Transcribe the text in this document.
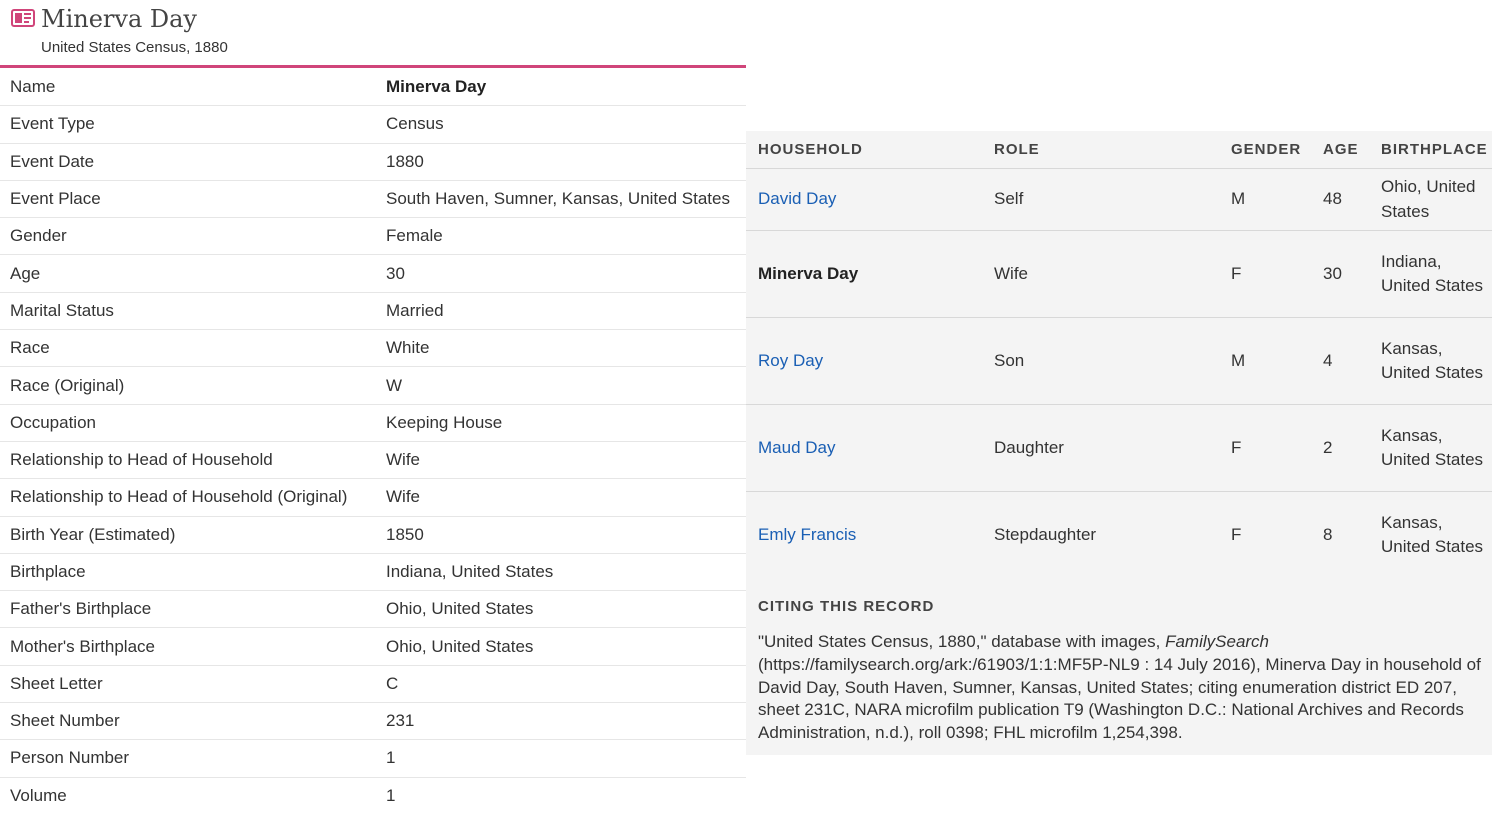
Minerva Day
United States Census, 1880
Name	Minerva Day
Event Type	Census
Event Date	1880
Event Place	South Haven, Sumner, Kansas, United States
Gender	Female
Age	30
Marital Status	Married
Race	White
Race (Original)	W
Occupation	Keeping House
Relationship to Head of Household	Wife
Relationship to Head of Household (Original)	Wife
Birth Year (Estimated)	1850
Birthplace	Indiana, United States
Father's Birthplace	Ohio, United States
Mother's Birthplace	Ohio, United States
Sheet Letter	C
Sheet Number	231
Person Number	1
Volume	1
HOUSEHOLD	ROLE	GENDER	AGE	BIRTHPLACE
David Day	Self	M	48	Ohio, United States
Minerva Day	Wife	F	30	Indiana, United States
Roy Day	Son	M	4	Kansas, United States
Maud Day	Daughter	F	2	Kansas, United States
Emly Francis	Stepdaughter	F	8	Kansas, United States
CITING THIS RECORD
"United States Census, 1880," database with images, FamilySearch (https://familysearch.org/ark:/61903/1:1:MF5P-NL9 : 14 July 2016), Minerva Day in household of David Day, South Haven, Sumner, Kansas, United States; citing enumeration district ED 207, sheet 231C, NARA microfilm publication T9 (Washington D.C.: National Archives and Records Administration, n.d.), roll 0398; FHL microfilm 1,254,398.
